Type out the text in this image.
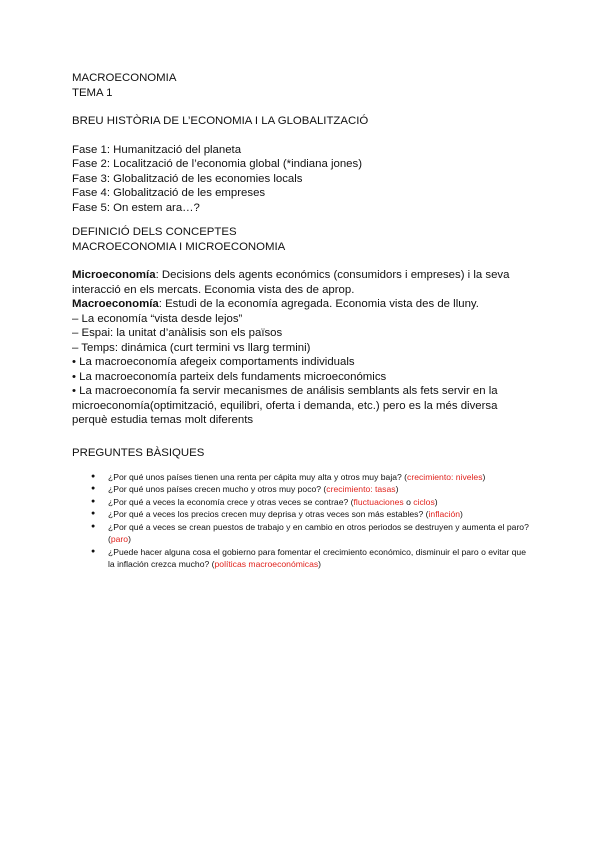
MACROECONOMIA
TEMA 1
BREU HISTÒRIA DE L’ECONOMIA I LA GLOBALITZACIÓ
Fase 1: Humanització del planeta
Fase 2: Localització de l’economia global (*indiana jones)
Fase 3: Globalització de les economies locals
Fase 4: Globalització de les empreses
Fase 5: On estem ara…?
DEFINICIÓ DELS CONCEPTES
MACROECONOMIA I MICROECONOMIA
Microeconomía: Decisions dels agents económics (consumidors i empreses) i la seva interacció en els mercats. Economia vista des de aprop.
Macroeconomía: Estudi de la economía agregada. Economia vista des de lluny.
– La economía “vista desde lejos”
– Espai: la unitat d’anàlisis son els països
– Temps: dinámica (curt termini vs llarg termini)
• La macroeconomía afegeix comportaments individuals
• La macroeconomía parteix dels fundaments microeconómics
• La macroeconomía fa servir mecanismes de análisis semblants als fets servir en la microeconomía(optimització, equilibri, oferta i demanda, etc.) pero es la més diversa perquè estudia temas molt diferents
PREGUNTES BÀSIQUES
● ¿Por qué unos países tienen una renta per cápita muy alta y otros muy baja? (crecimiento: niveles)
● ¿Por qué unos países crecen mucho y otros muy poco? (crecimiento: tasas)
● ¿Por qué a veces la economía crece y otras veces se contrae? (fluctuaciones o ciclos)
● ¿Por qué a veces los precios crecen muy deprisa y otras veces son más estables? (inflación)
● ¿Por qué a veces se crean puestos de trabajo y en cambio en otros periodos se destruyen y aumenta el paro? (paro)
● ¿Puede hacer alguna cosa el gobierno para fomentar el crecimiento económico, disminuir el paro o evitar que la inflación crezca mucho? (políticas macroeconómicas)
